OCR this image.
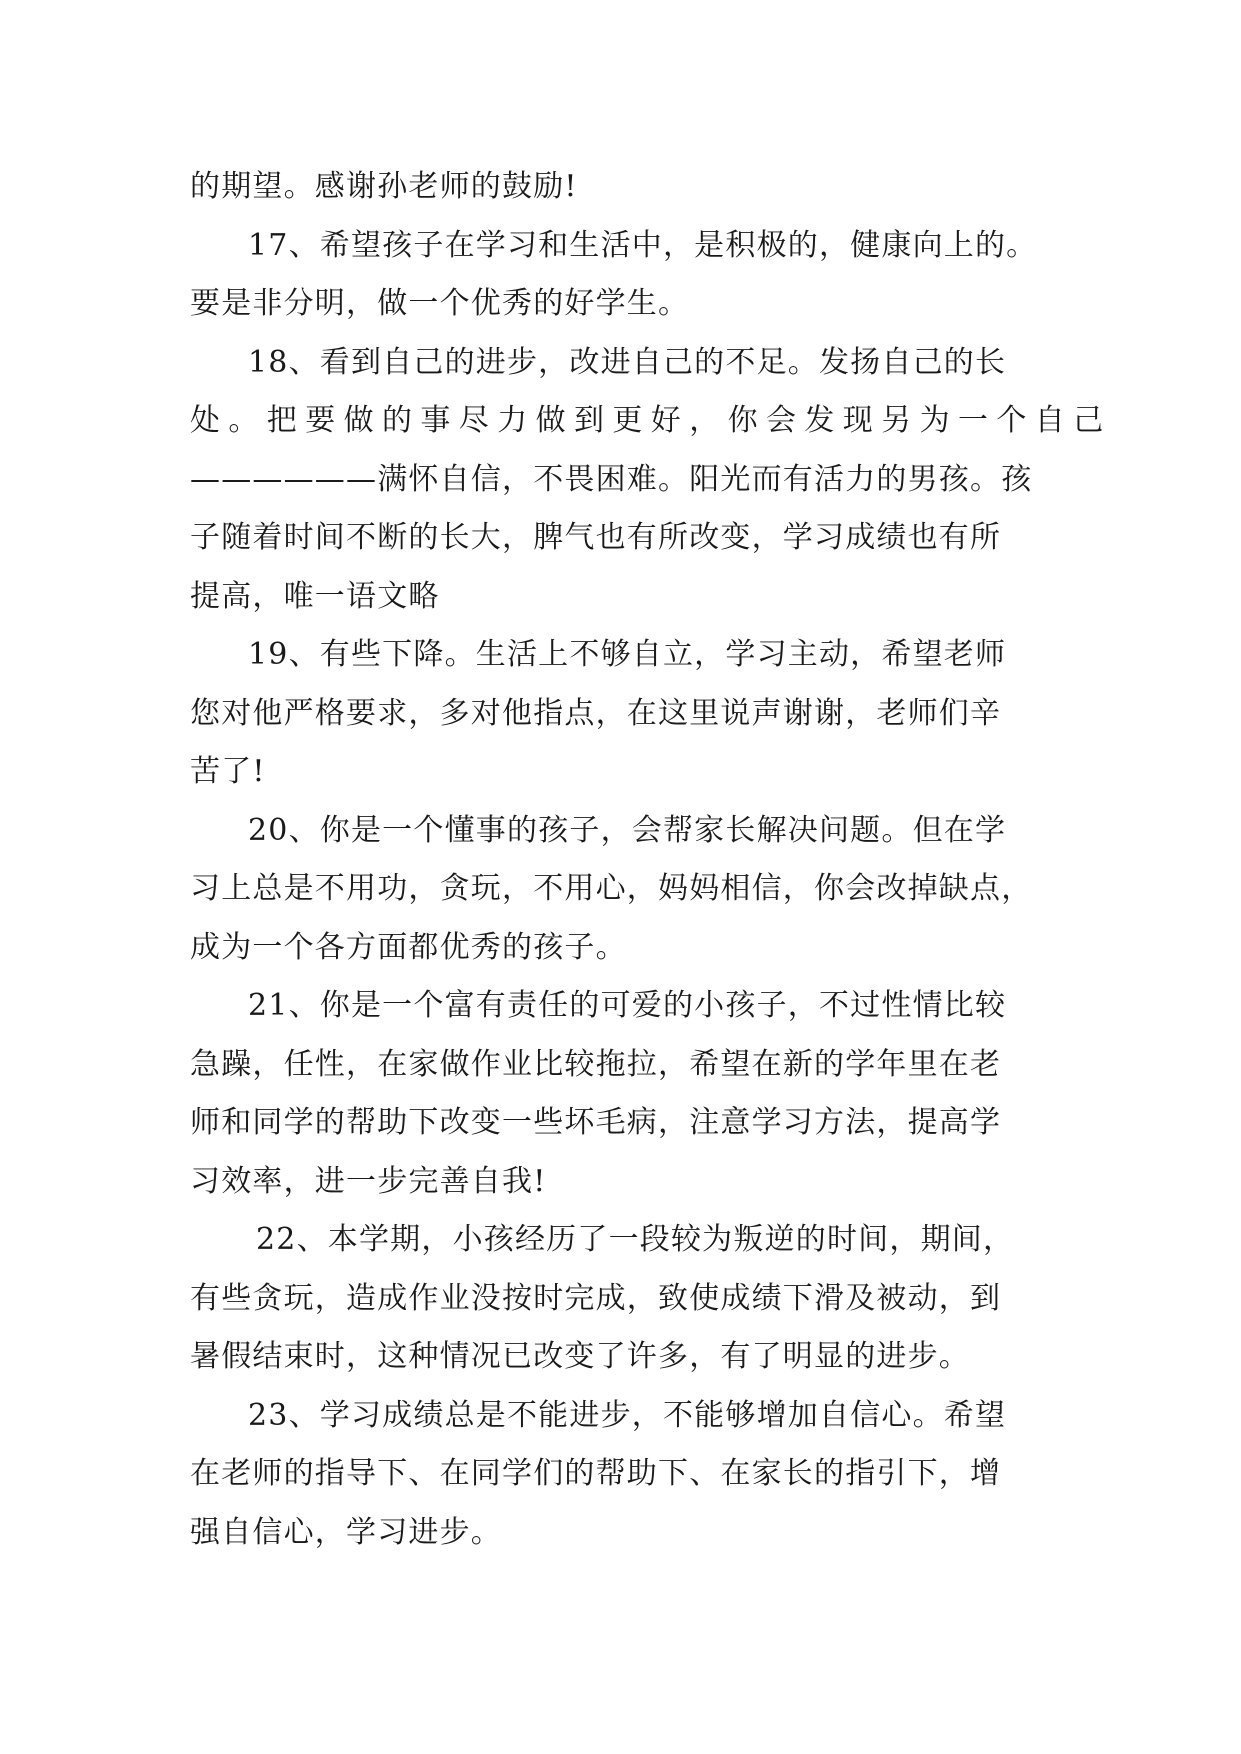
的期望。感谢孙老师的鼓励!
17、希望孩子在学习和生活中，是积极的，健康向上的。
要是非分明，做一个优秀的好学生。
18、看到自己的进步，改进自己的不足。发扬自己的长
处。把要做的事尽力做到更好，你会发现另为一个自己
——————满怀自信，不畏困难。阳光而有活力的男孩。孩
子随着时间不断的长大，脾气也有所改变，学习成绩也有所
提高，唯一语文略
19、有些下降。生活上不够自立，学习主动，希望老师
您对他严格要求，多对他指点，在这里说声谢谢，老师们辛
苦了!
20、你是一个懂事的孩子，会帮家长解决问题。但在学
习上总是不用功，贪玩，不用心，妈妈相信，你会改掉缺点，
成为一个各方面都优秀的孩子。
21、你是一个富有责任的可爱的小孩子，不过性情比较
急躁，任性，在家做作业比较拖拉，希望在新的学年里在老
师和同学的帮助下改变一些坏毛病，注意学习方法，提高学
习效率，进一步完善自我!
22、本学期，小孩经历了一段较为叛逆的时间，期间，
有些贪玩，造成作业没按时完成，致使成绩下滑及被动，到
暑假结束时，这种情况已改变了许多，有了明显的进步。
23、学习成绩总是不能进步，不能够增加自信心。希望
在老师的指导下、在同学们的帮助下、在家长的指引下，增
强自信心，学习进步。
